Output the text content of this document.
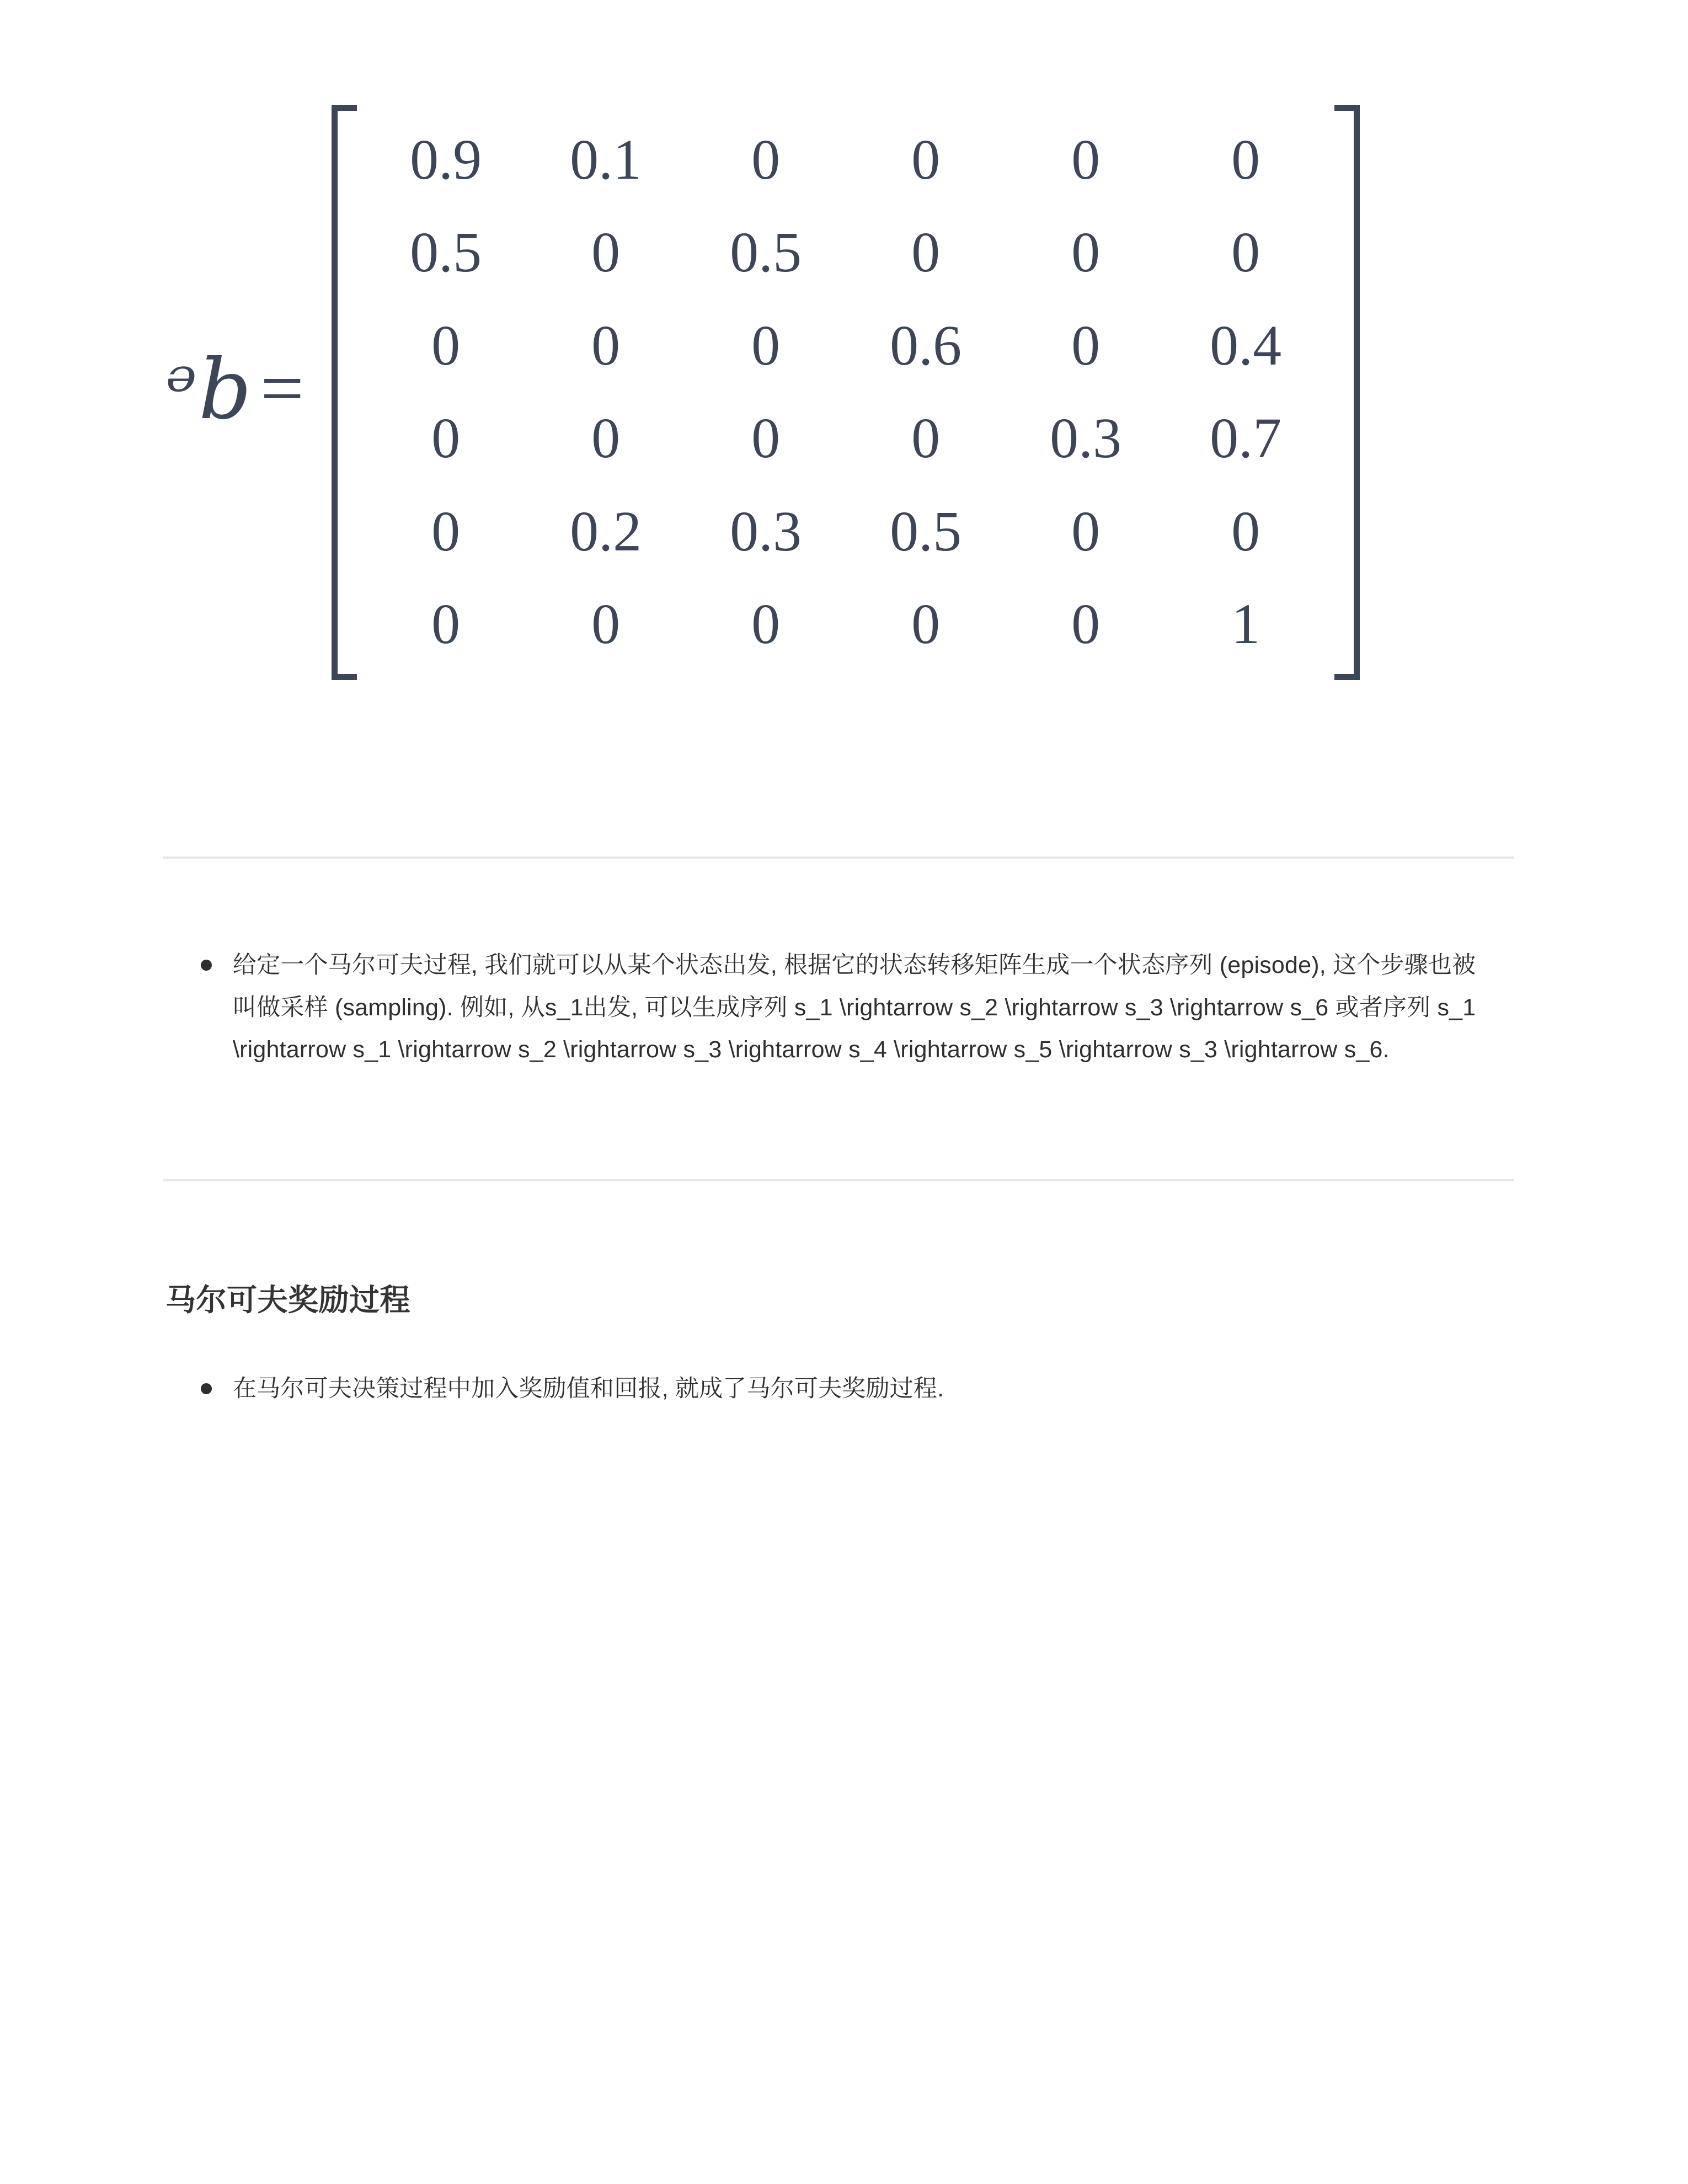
ᵊb =
0.9	0.1	0	0	0	0
0.5	0	0.5	0	0	0
0	0	0	0.6	0	0.4
0	0	0	0	0.3	0.7
0	0.2	0.3	0.5	0	0
0	0	0	0	0	1
给定一个马尔可夫过程, 我们就可以从某个状态出发, 根据它的状态转移矩阵生成一个状态序列 (episode), 这个步骤也被叫做采样 (sampling). 例如, 从s_1出发, 可以生成序列 s_1 \rightarrow s_2 \rightarrow s_3 \rightarrow s_6 或者序列 s_1 \rightarrow s_1 \rightarrow s_2 \rightarrow s_3 \rightarrow s_4 \rightarrow s_5 \rightarrow s_3 \rightarrow s_6.
马尔可夫奖励过程
在马尔可夫决策过程中加入奖励值和回报, 就成了马尔可夫奖励过程.
